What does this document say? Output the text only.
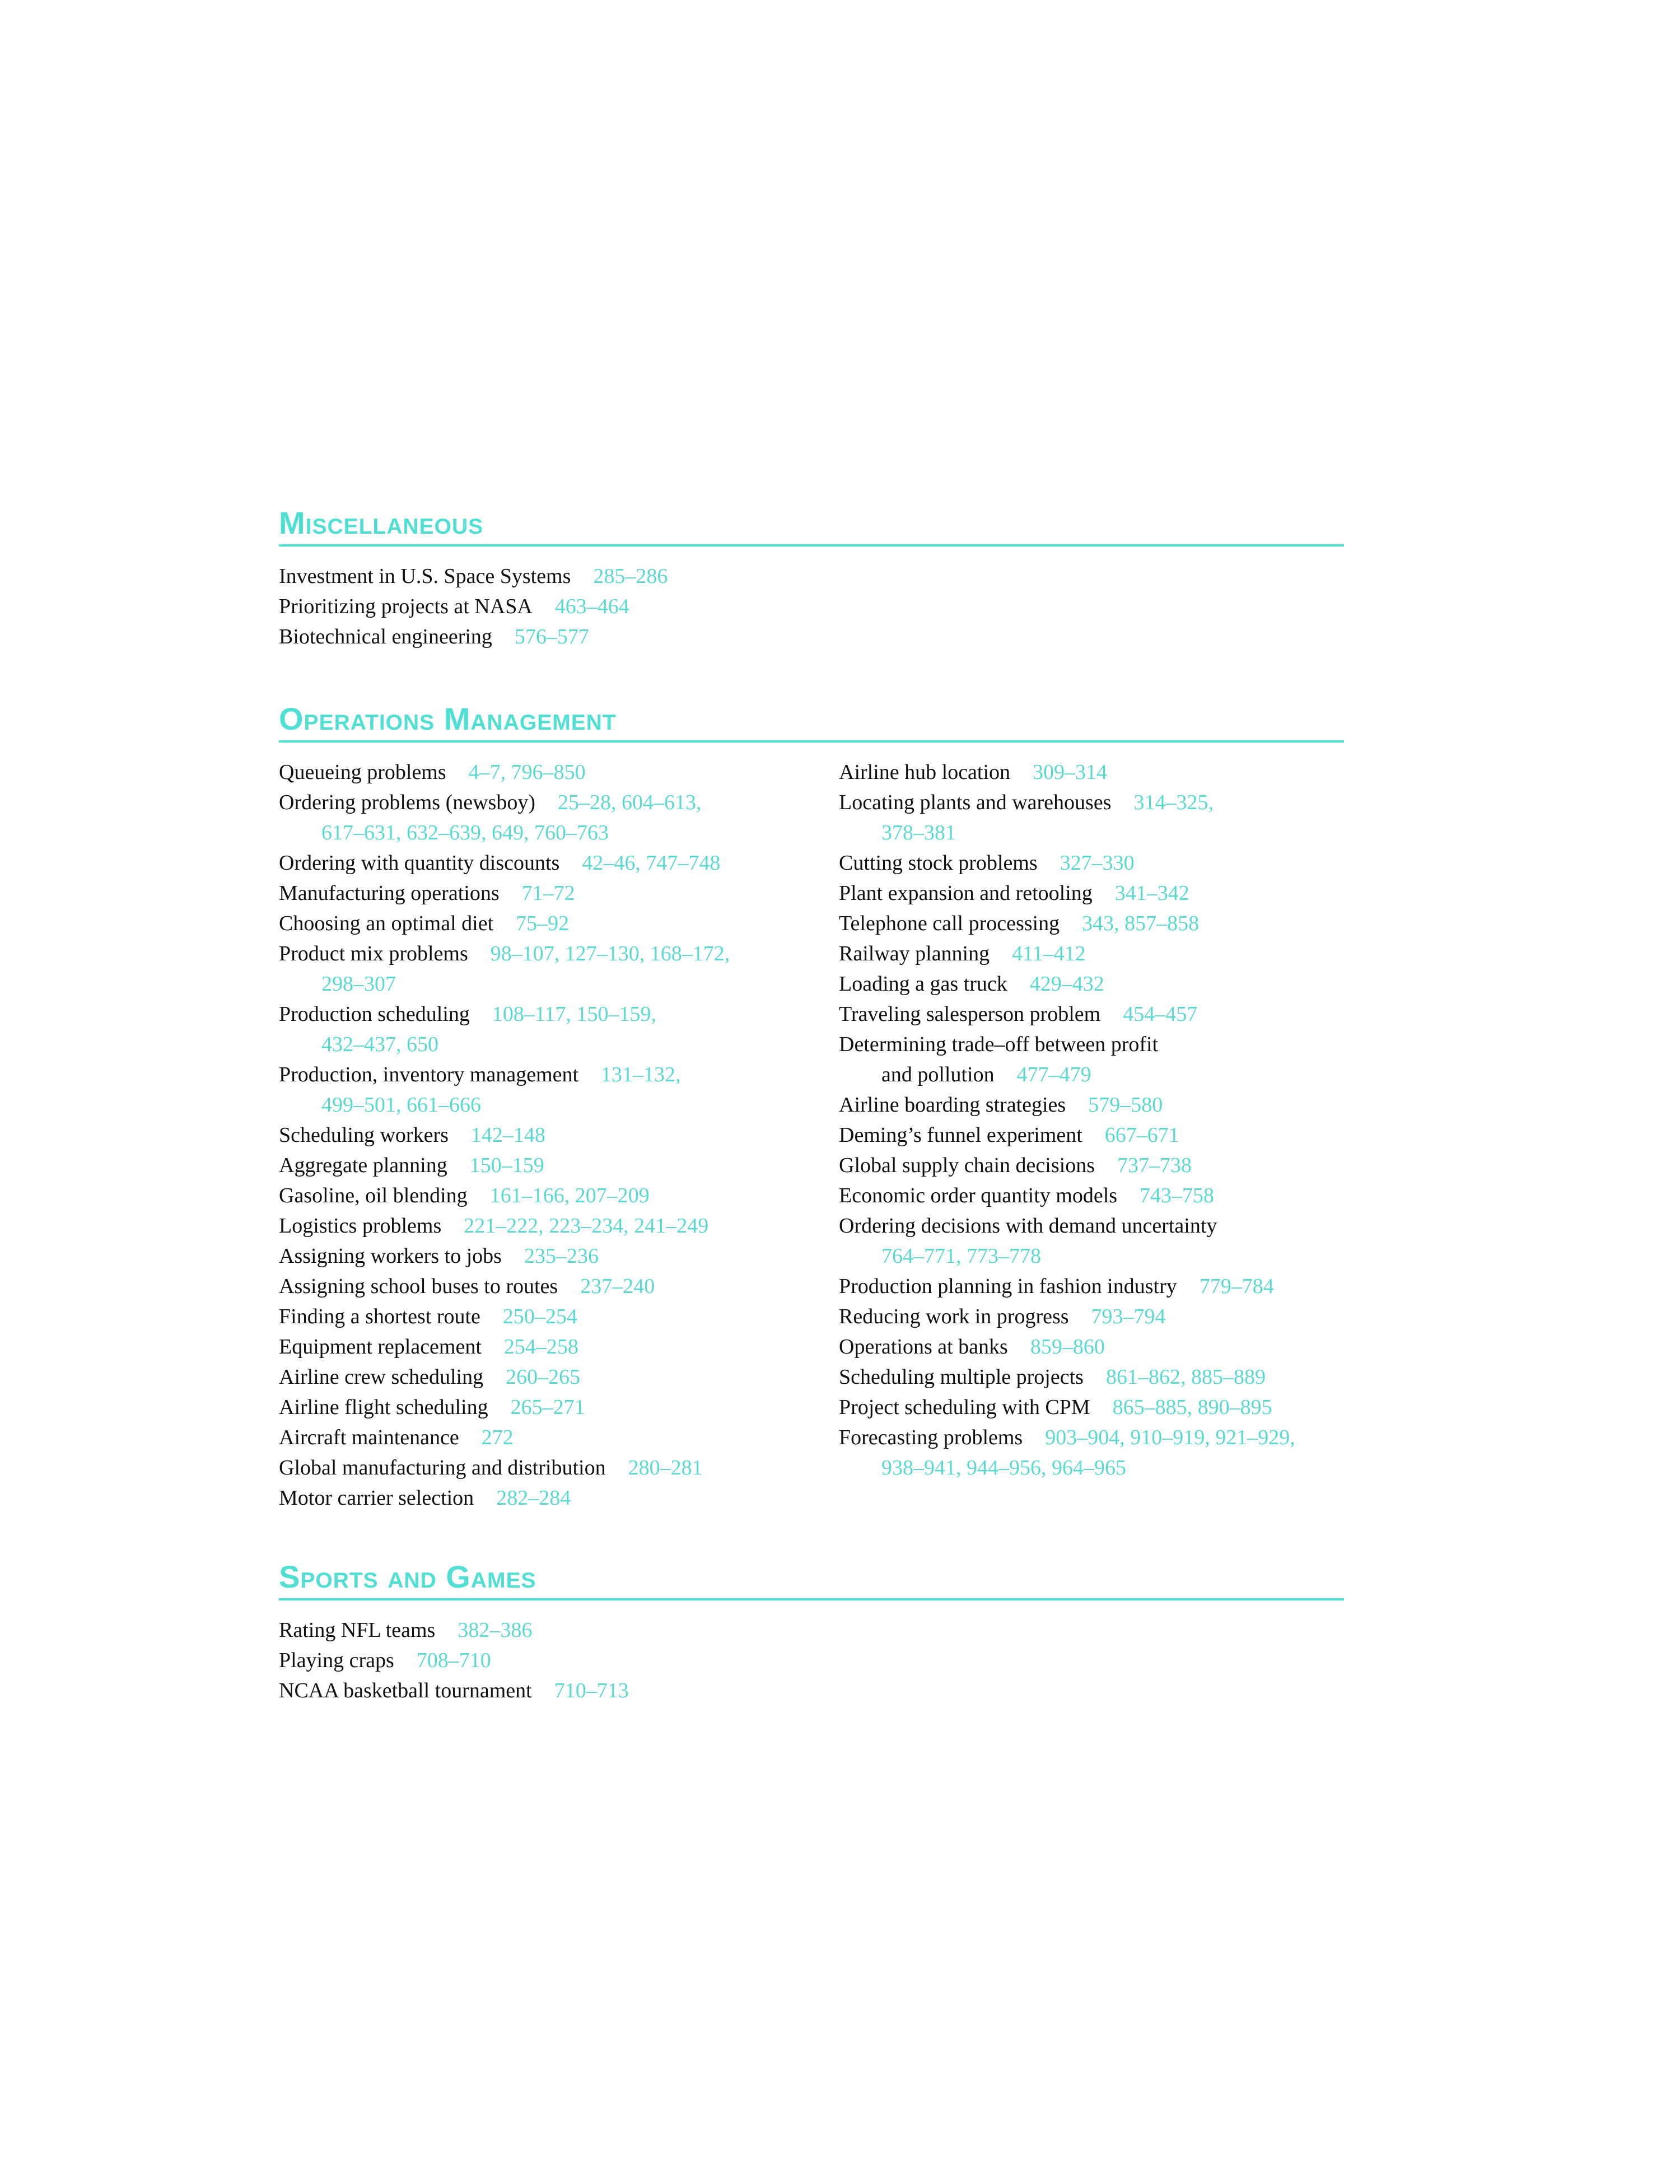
Miscellaneous

Investment in U.S. Space Systems 285–286

Prioritizing projects at NASA 463–464

Biotechnical engineering 576–577

Operations Management

Queueing problems 4–7, 796–850

Ordering problems (newsboy) 25–28, 604–613,
617–631, 632–639, 649, 760–763

Ordering with quantity discounts 42–46, 747–748

Manufacturing operations 71–72

Choosing an optimal diet 75–92

Product mix problems 98–107, 127–130, 168–172,
298–307

Production scheduling 108–117, 150–159,
432–437, 650

Production, inventory management 131–132,
499–501, 661–666

Scheduling workers 142–148

Aggregate planning 150–159

Gasoline, oil blending 161–166, 207–209

Logistics problems 221–222, 223–234, 241–249

Assigning workers to jobs 235–236

Assigning school buses to routes 237–240

Finding a shortest route 250–254

Equipment replacement 254–258

Airline crew scheduling 260–265

Airline flight scheduling 265–271

Aircraft maintenance 272

Global manufacturing and distribution 280–281

Motor carrier selection 282–284

Airline hub location 309–314

Locating plants and warehouses 314–325,
378–381

Cutting stock problems 327–330

Plant expansion and retooling 341–342

Telephone call processing 343, 857–858

Railway planning 411–412

Loading a gas truck 429–432

Traveling salesperson problem 454–457

Determining trade–off between profit
and pollution 477–479

Airline boarding strategies 579–580

Deming’s funnel experiment 667–671

Global supply chain decisions 737–738

Economic order quantity models 743–758

Ordering decisions with demand uncertainty
764–771, 773–778

Production planning in fashion industry 779–784

Reducing work in progress 793–794

Operations at banks 859–860

Scheduling multiple projects 861–862, 885–889

Project scheduling with CPM 865–885, 890–895

Forecasting problems 903–904, 910–919, 921–929,
938–941, 944–956, 964–965

Sports and Games

Rating NFL teams 382–386

Playing craps 708–710

NCAA basketball tournament 710–713
